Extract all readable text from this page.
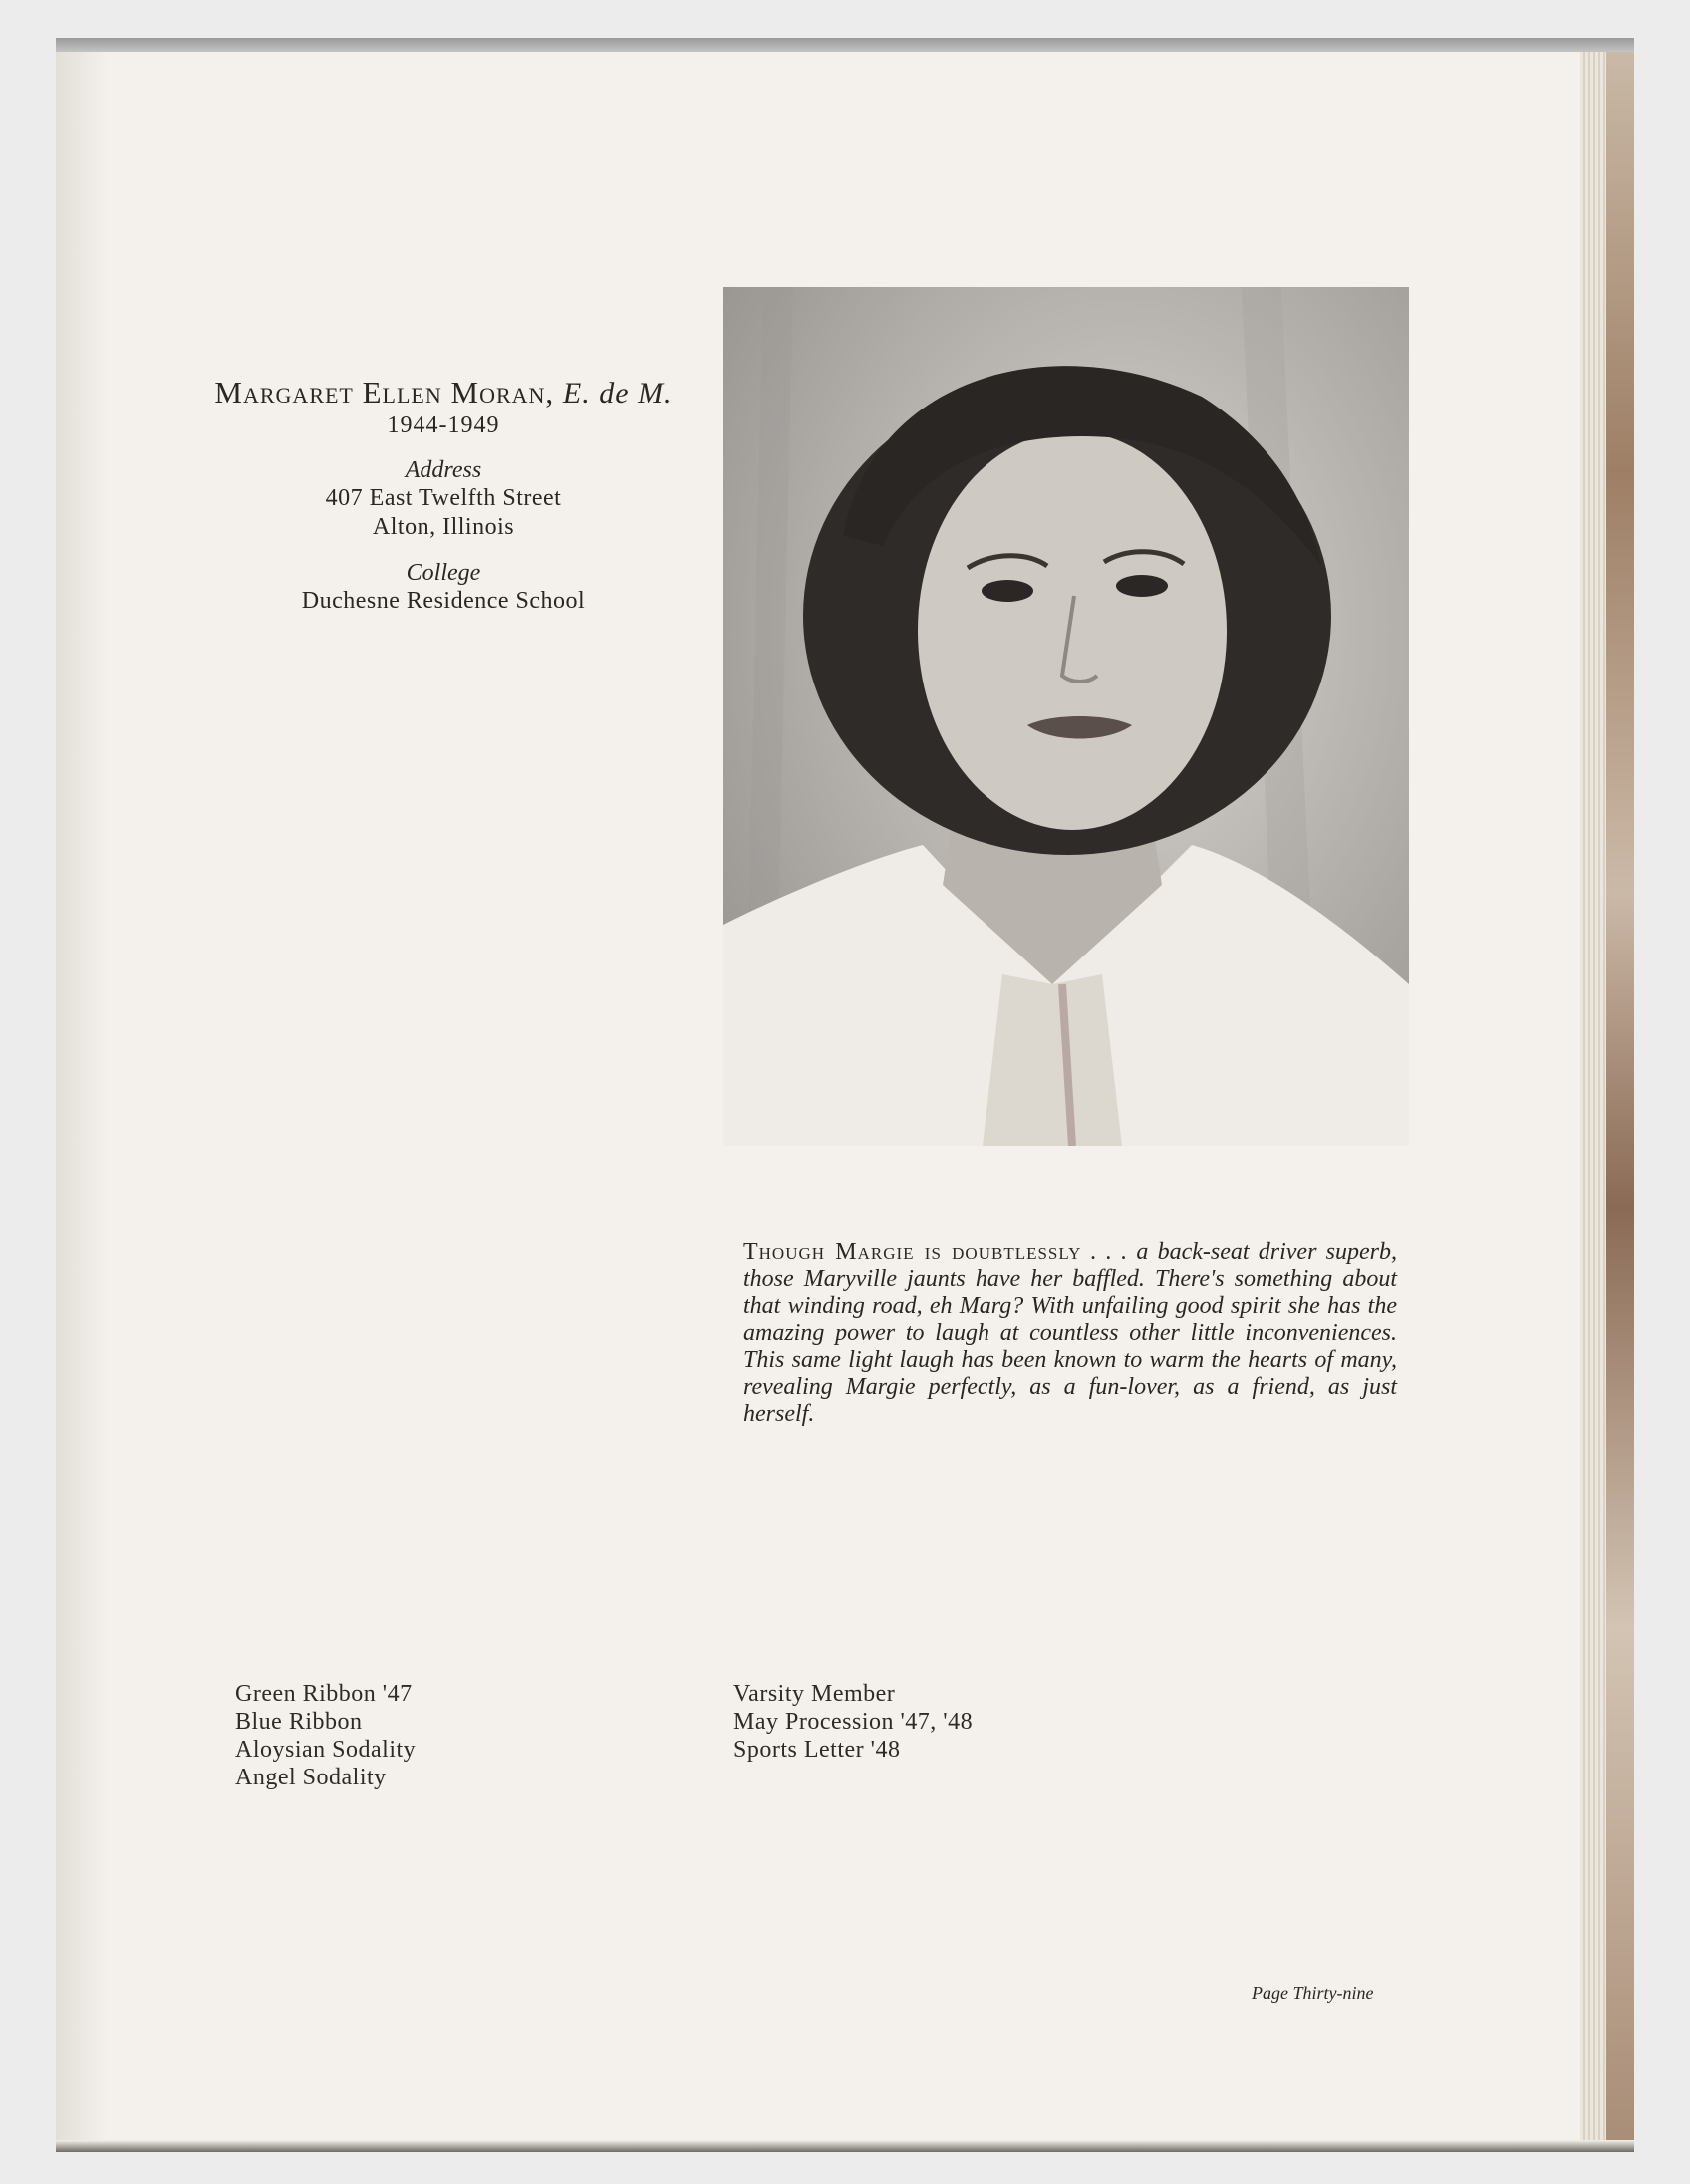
Margaret Ellen Moran, E. de M.
1944-1949
Address
407 East Twelfth Street
Alton, Illinois
College
Duchesne Residence School
Though Margie is doubtlessly . . . a back-seat driver superb, those Maryville jaunts have her baffled. There's something about that winding road, eh Marg? With unfailing good spirit she has the amazing power to laugh at countless other little inconveniences. This same light laugh has been known to warm the hearts of many, revealing Margie perfectly, as a fun-lover, as a friend, as just herself.
Green Ribbon '47
Blue Ribbon
Aloysian Sodality
Angel Sodality
Varsity Member
May Procession '47, '48
Sports Letter '48
Page Thirty-nine
